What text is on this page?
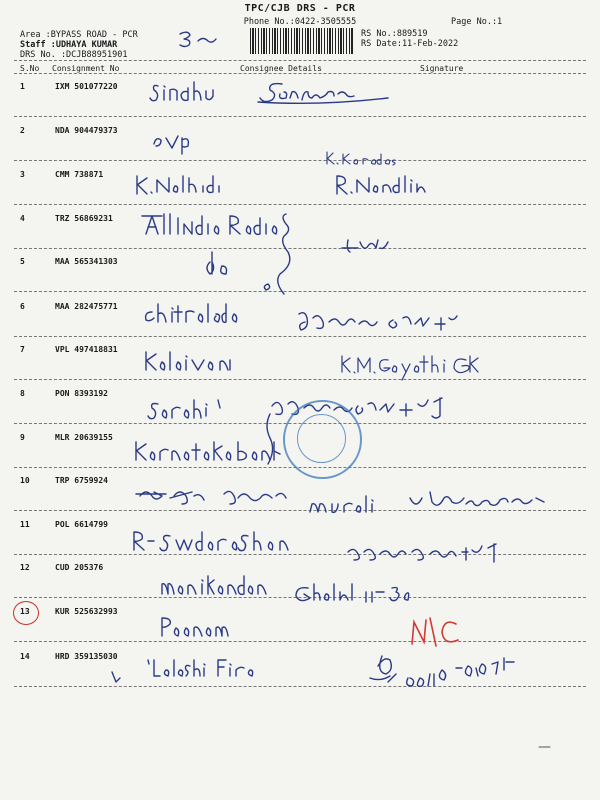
TPC/CJB DRS - PCR
Phone No.:0422-3505555	Page No.:1
Area :BYPASS ROAD - PCR
Staff :UDHAYA KUMAR
DRS No. :DCJB88951901
RS No.:889519
RS Date:11-Feb-2022
S.No Consignment No	Consignee Details	Signature
1	IXM 501077220
2	NDA 904479373
3	CMM 738871
4	TRZ 56869231
5	MAA 565341303
6	MAA 282475771
7	VPL 497418831
8	PON 8393192
9	MLR 20639155
10	TRP 6759924
11	POL 6614799
12	CUD 205376
13	KUR 525632993
14	HRD 359135030
